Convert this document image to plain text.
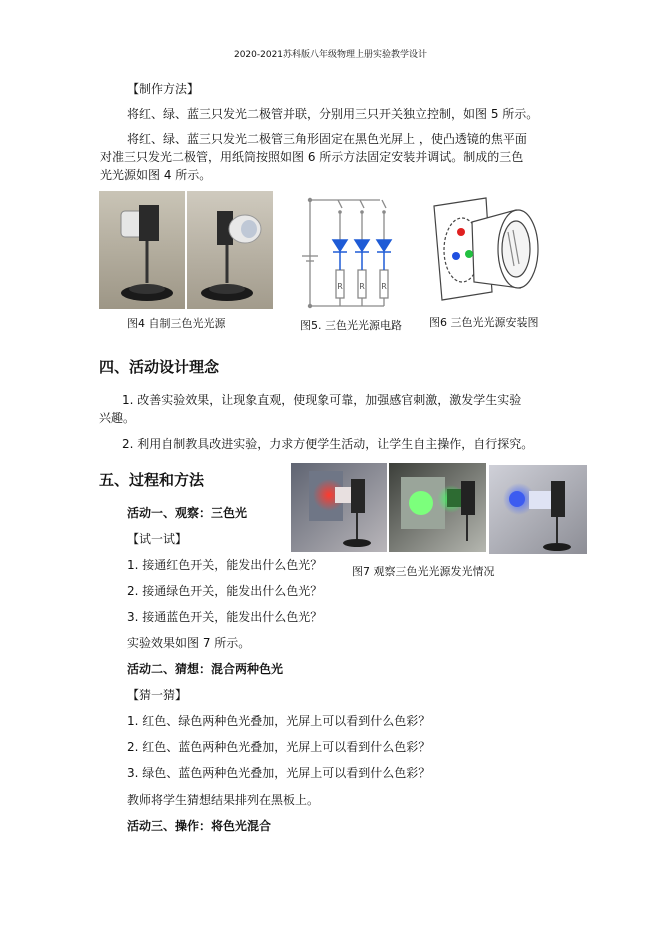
2020-2021苏科版八年级物理上册实验教学设计
【制作方法】
将红、绿、蓝三只发光二极管并联，分别用三只开关独立控制，如图 5 所示。
将红、绿、蓝三只发光二极管三角形固定在黑色光屏上 ，使凸透镜的焦平面
对准三只发光二极管，用纸筒按照如图 6 所示方法固定安装并调试。制成的三色
光光源如图 4 所示。
R R R
图4 自制三色光光源	图5. 三色光光源电路 图6 三色光光源安装图
四、活动设计理念
1. 改善实验效果，让现象直观，使现象可靠，加强感官刺激，激发学生实验
兴趣。
2. 利用自制教具改进实验，力求方便学生活动，让学生自主操作，自行探究。
五、过程和方法
图7 观察三色光光源发光情况
活动一、观察：三色光
【试一试】
1. 接通红色开关，能发出什么色光？
2. 接通绿色开关，能发出什么色光？
3. 接通蓝色开关，能发出什么色光？
实验效果如图 7 所示。
活动二、猜想：混合两种色光
【猜一猜】
1. 红色、绿色两种色光叠加，光屏上可以看到什么色彩？
2. 红色、蓝色两种色光叠加，光屏上可以看到什么色彩？
3. 绿色、蓝色两种色光叠加，光屏上可以看到什么色彩？
教师将学生猜想结果排列在黑板上。
活动三、操作：将色光混合
